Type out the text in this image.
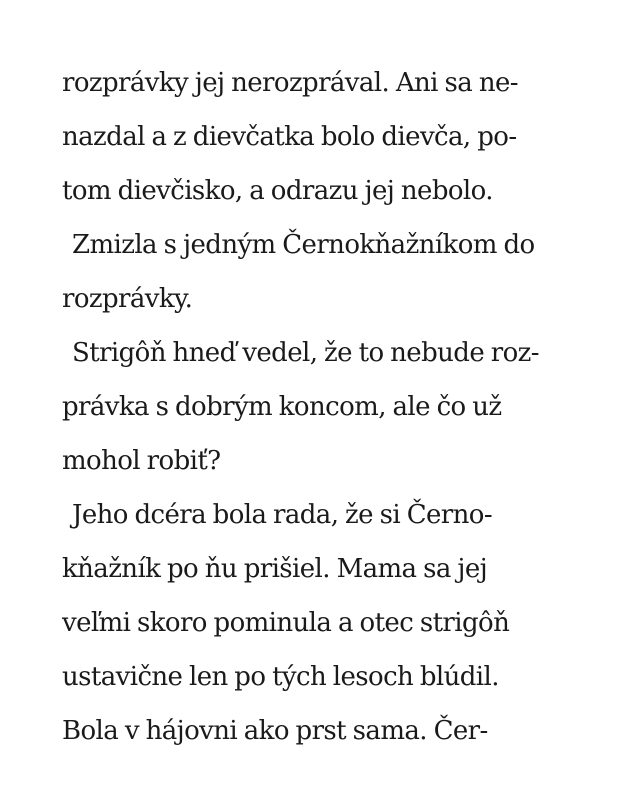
rozprávky jej nerozprával. Ani sa ne-
nazdal a z dievčatka bolo dievča, po-
tom dievčisko, a odrazu jej nebolo.
Zmizla s jedným Černokňažníkom do
rozprávky.
Strigôň hneď vedel, že to nebude roz-
právka s dobrým koncom, ale čo už
mohol robiť?
Jeho dcéra bola rada, že si Černo-
kňažník po ňu prišiel. Mama sa jej
veľmi skoro pominula a otec strigôň
ustavične len po tých lesoch blúdil.
Bola v hájovni ako prst sama. Čer-
